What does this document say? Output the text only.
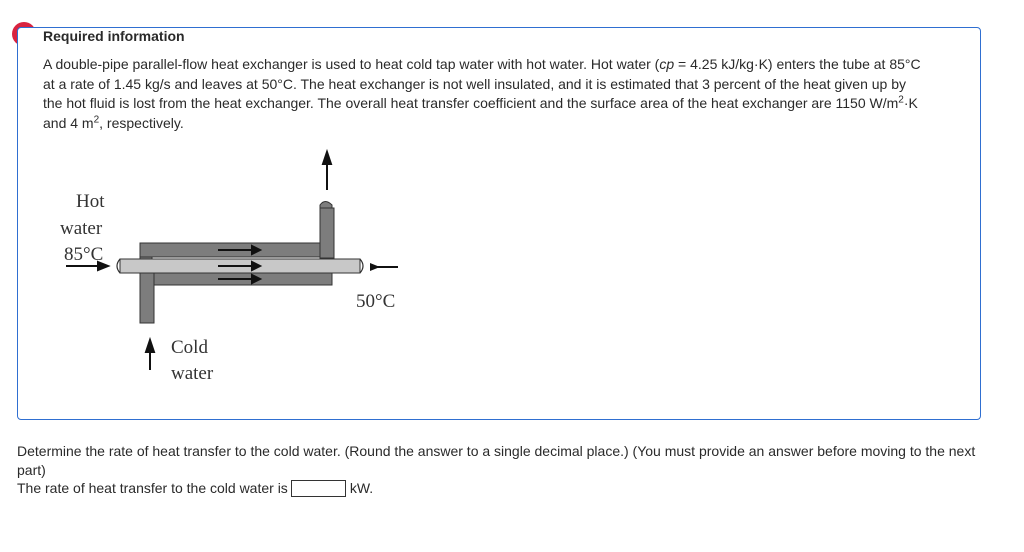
Required information
A double-pipe parallel-flow heat exchanger is used to heat cold tap water with hot water. Hot water (cp = 4.25 kJ/kg·K) enters the tube at 85°C at a rate of 1.45 kg/s and leaves at 50°C. The heat exchanger is not well insulated, and it is estimated that 3 percent of the heat given up by the hot fluid is lost from the heat exchanger. The overall heat transfer coefficient and the surface area of the heat exchanger are 1150 $W/m^2\cdot K$ and 4 $m^2$, respectively.
Hot
water
85°C
50°C
Cold
water
Determine the rate of heat transfer to the cold water. (Round the answer to a single decimal place.) (You must provide an answer before moving to the next part)
The rate of heat transfer to the cold water is	kW.
